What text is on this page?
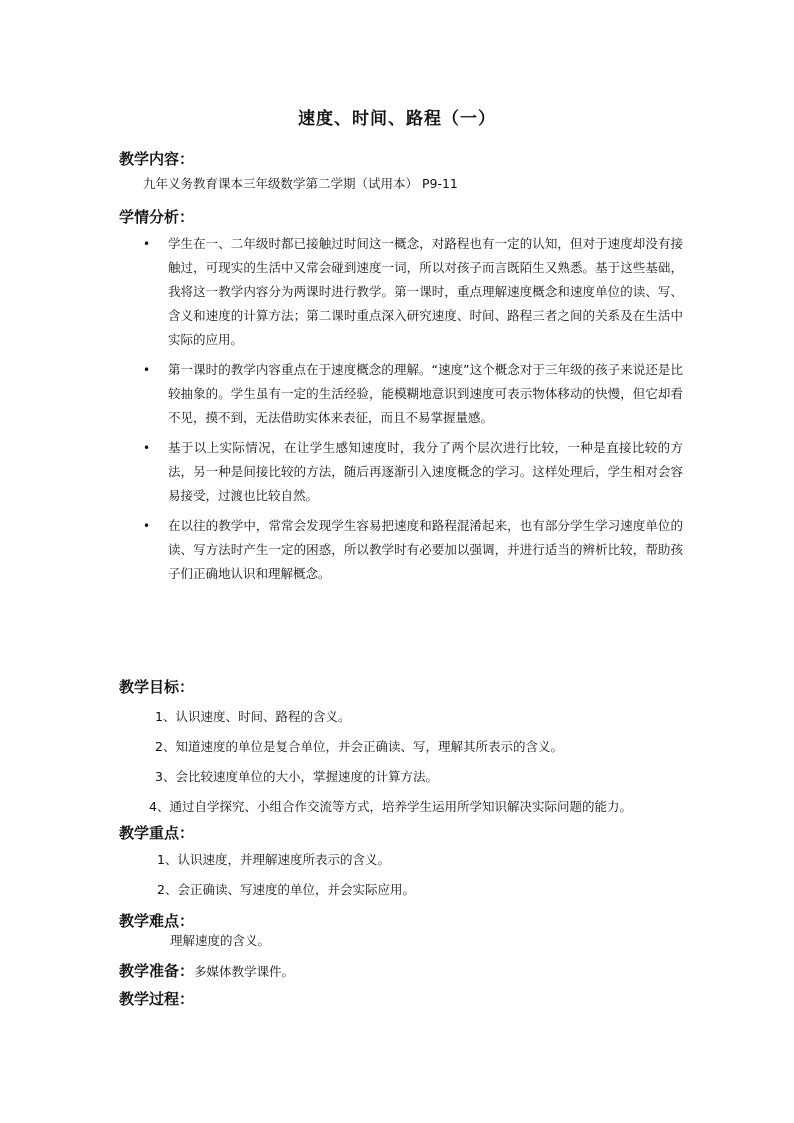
速度、时间、路程（一）
教学内容：
九年义务教育课本三年级数学第二学期（试用本） P9-11
学情分析：
•	学生在一、二年级时都已接触过时间这一概念，对路程也有一定的认知，但对于速度却没有接触过，可现实的生活中又常会碰到速度一词，所以对孩子而言既陌生又熟悉。基于这些基础，我将这一教学内容分为两课时进行教学。第一课时，重点理解速度概念和速度单位的读、写、含义和速度的计算方法；第二课时重点深入研究速度、时间、路程三者之间的关系及在生活中实际的应用。
•	第一课时的教学内容重点在于速度概念的理解。“速度”这个概念对于三年级的孩子来说还是比较抽象的。学生虽有一定的生活经验，能模糊地意识到速度可表示物体移动的快慢，但它却看不见，摸不到，无法借助实体来表征，而且不易掌握量感。
•	基于以上实际情况，在让学生感知速度时，我分了两个层次进行比较，一种是直接比较的方法，另一种是间接比较的方法，随后再逐渐引入速度概念的学习。这样处理后，学生相对会容易接受，过渡也比较自然。
•	在以往的教学中，常常会发现学生容易把速度和路程混淆起来，也有部分学生学习速度单位的读、写方法时产生一定的困惑，所以教学时有必要加以强调，并进行适当的辨析比较，帮助孩子们正确地认识和理解概念。
教学目标：
1、认识速度、时间、路程的含义。
2、知道速度的单位是复合单位，并会正确读、写，理解其所表示的含义。
3、会比较速度单位的大小，掌握速度的计算方法。
4、通过自学探究、小组合作交流等方式，培养学生运用所学知识解决实际问题的能力。
教学重点：
1、认识速度，并理解速度所表示的含义。
2、会正确读、写速度的单位，并会实际应用。
教学难点：
理解速度的含义。
教学准备：多媒体教学课件。
教学过程：
